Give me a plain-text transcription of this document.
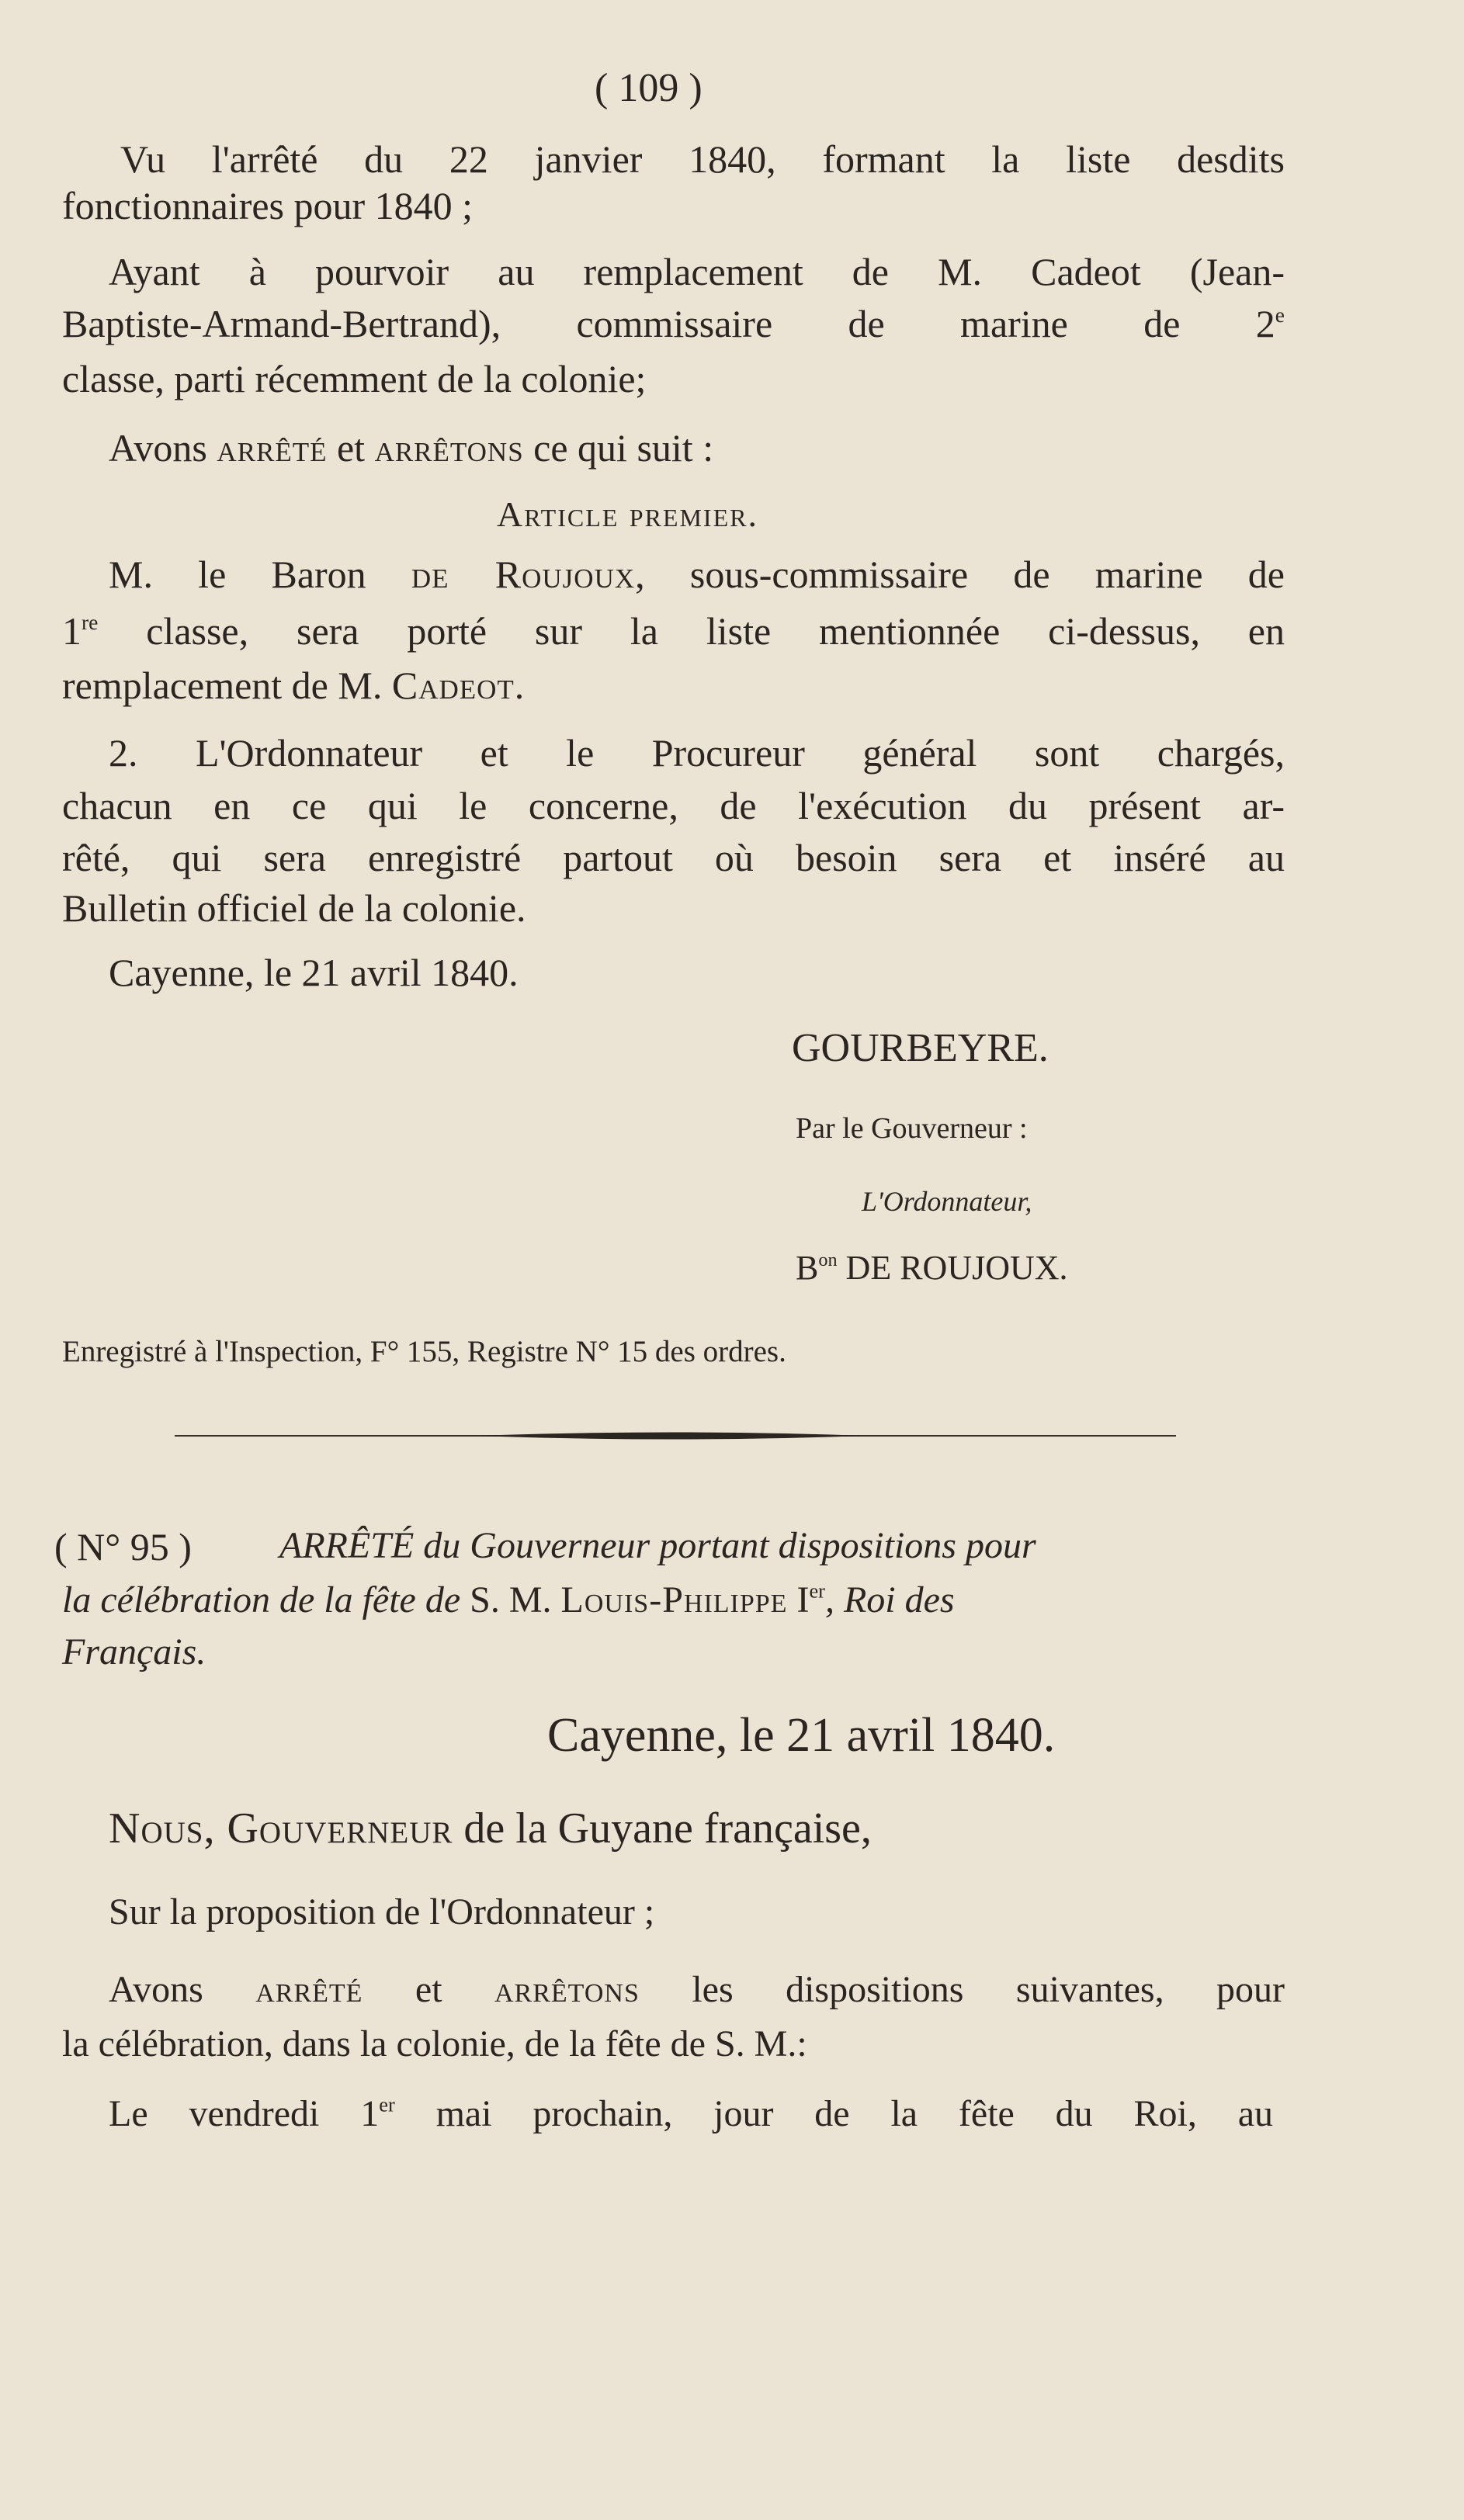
( 109 )
Vu l'arrêté du 22 janvier 1840, formant la liste desdits
fonctionnaires pour 1840 ;
Ayant à pourvoir au remplacement de M. Cadeot (Jean-
Baptiste-Armand-Bertrand), commissaire de marine de 2e
classe, parti récemment de la colonie;
Avons arrêté et arrêtons ce qui suit :
Article premier.
M. le Baron de Roujoux, sous-commissaire de marine de
1re classe, sera porté sur la liste mentionnée ci-dessus, en
remplacement de M. Cadeot.
2. L'Ordonnateur et le Procureur général sont chargés,
chacun en ce qui le concerne, de l'exécution du présent ar-
rêté, qui sera enregistré partout où besoin sera et inséré au
Bulletin officiel de la colonie.
Cayenne, le 21 avril 1840.
GOURBEYRE.
Par le Gouverneur :
L'Ordonnateur,
$B^{on}$ DE ROUJOUX.
Enregistré à l'Inspection, F° 155, Registre N° 15 des ordres.
( N° 95 ) ARRÊTÉ du Gouverneur portant dispositions pour
la célébration de la fête de S. M. Louis-Philippe Ier, Roi des
Français.
Cayenne, le 21 avril 1840.
Nous, Gouverneur de la Guyane française,
Sur la proposition de l'Ordonnateur ;
Avons arrêté et arrêtons les dispositions suivantes, pour
la célébration, dans la colonie, de la fête de S. M.:
Le vendredi 1er mai prochain, jour de la fête du Roi, au
